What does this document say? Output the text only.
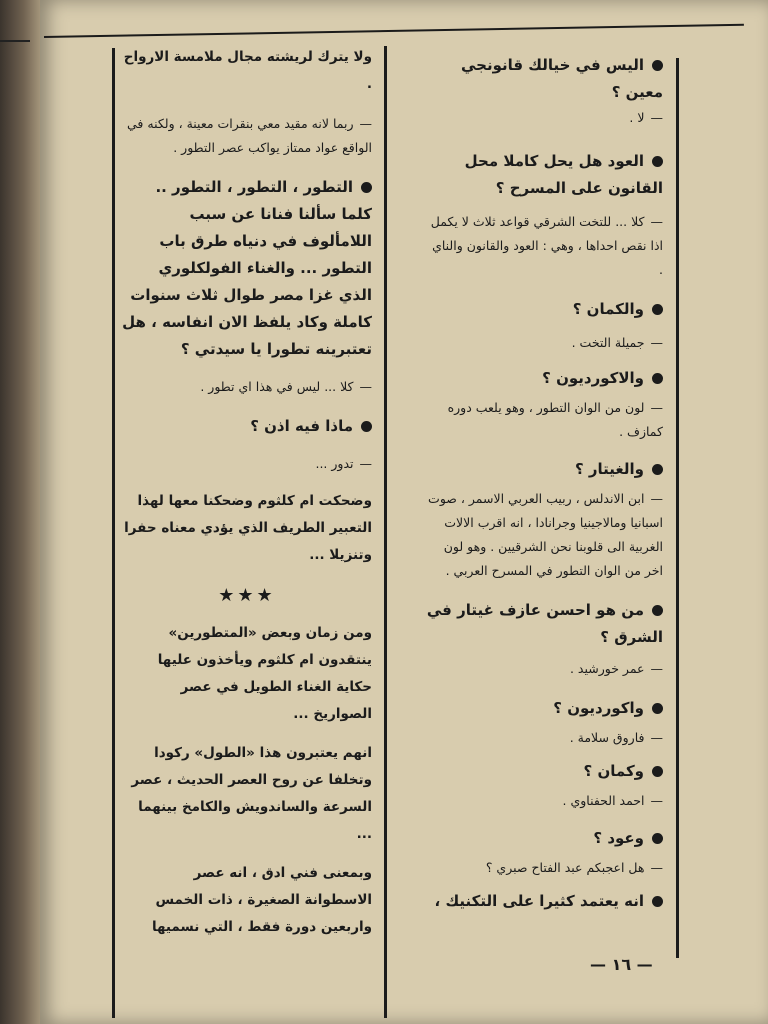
اليس في خيالك قانونجي معين ؟

—لا .

العود هل يحل كاملا محل القانون على المسرح ؟

—كلا ... للتخت الشرقي قواعد ثلاث لا يكمل اذا نقص احداها ، وهي : العود والقانون والناي .

والكمان ؟

—جميلة التخت .

والاكورديون ؟

—لون من الوان التطور ، وهو يلعب دوره كمازف .

والغيتار ؟

—ابن الاندلس ، ربيب العربي الاسمر ، صوت اسبانيا ومالاجينيا وجرانادا ، انه اقرب الالات الغربية الى قلوبنا نحن الشرقيين . وهو لون اخر من الوان التطور في المسرح العربي .

من هو احسن عازف غيتار في الشرق ؟

—عمر خورشيد .

واكورديون ؟

—فاروق سلامة .

وكمان ؟

—احمد الحفناوي .

وعود ؟

—هل اعجبكم عبد الفتاح صبري ؟

انه يعتمد كثيرا على التكنيك ،

ولا يترك لريشته مجال ملامسة الارواح .

—ربما لانه مقيد معي بنقرات معينة ، ولكنه في الواقع عواد ممتاز يواكب عصر التطور .

التطور ، التطور ، التطور .. كلما سألنا فنانا عن سبب اللامألوف في دنياه طرق باب التطور ... والغناء الفولكلوري الذي غزا مصر طوال ثلاث سنوات كاملة وكاد يلفظ الان انفاسه ، هل تعتبرينه تطورا يا سيدتي ؟

—كلا ... ليس في هذا اي تطور .

ماذا فيه اذن ؟

—تدور ...

وضحكت ام كلثوم وضحكنا معها لهذا التعبير الطريف الذي يؤدي معناه حفرا وتنزيلا ...

★★★

ومن زمان وبعض «المتطورين» ينتقدون ام كلثوم ويأخذون عليها حكاية الغناء الطويل في عصر الصواريخ ...

انهم يعتبرون هذا «الطول» ركودا وتخلفا عن روح العصر الحديث ، عصر السرعة والساندويش والكامخ بينهما ...

وبمعنى فني ادق ، انه عصر الاسطوانة الصغيرة ، ذات الخمس واربعين دورة فقط ، التي نسميها

— ١٦ —
